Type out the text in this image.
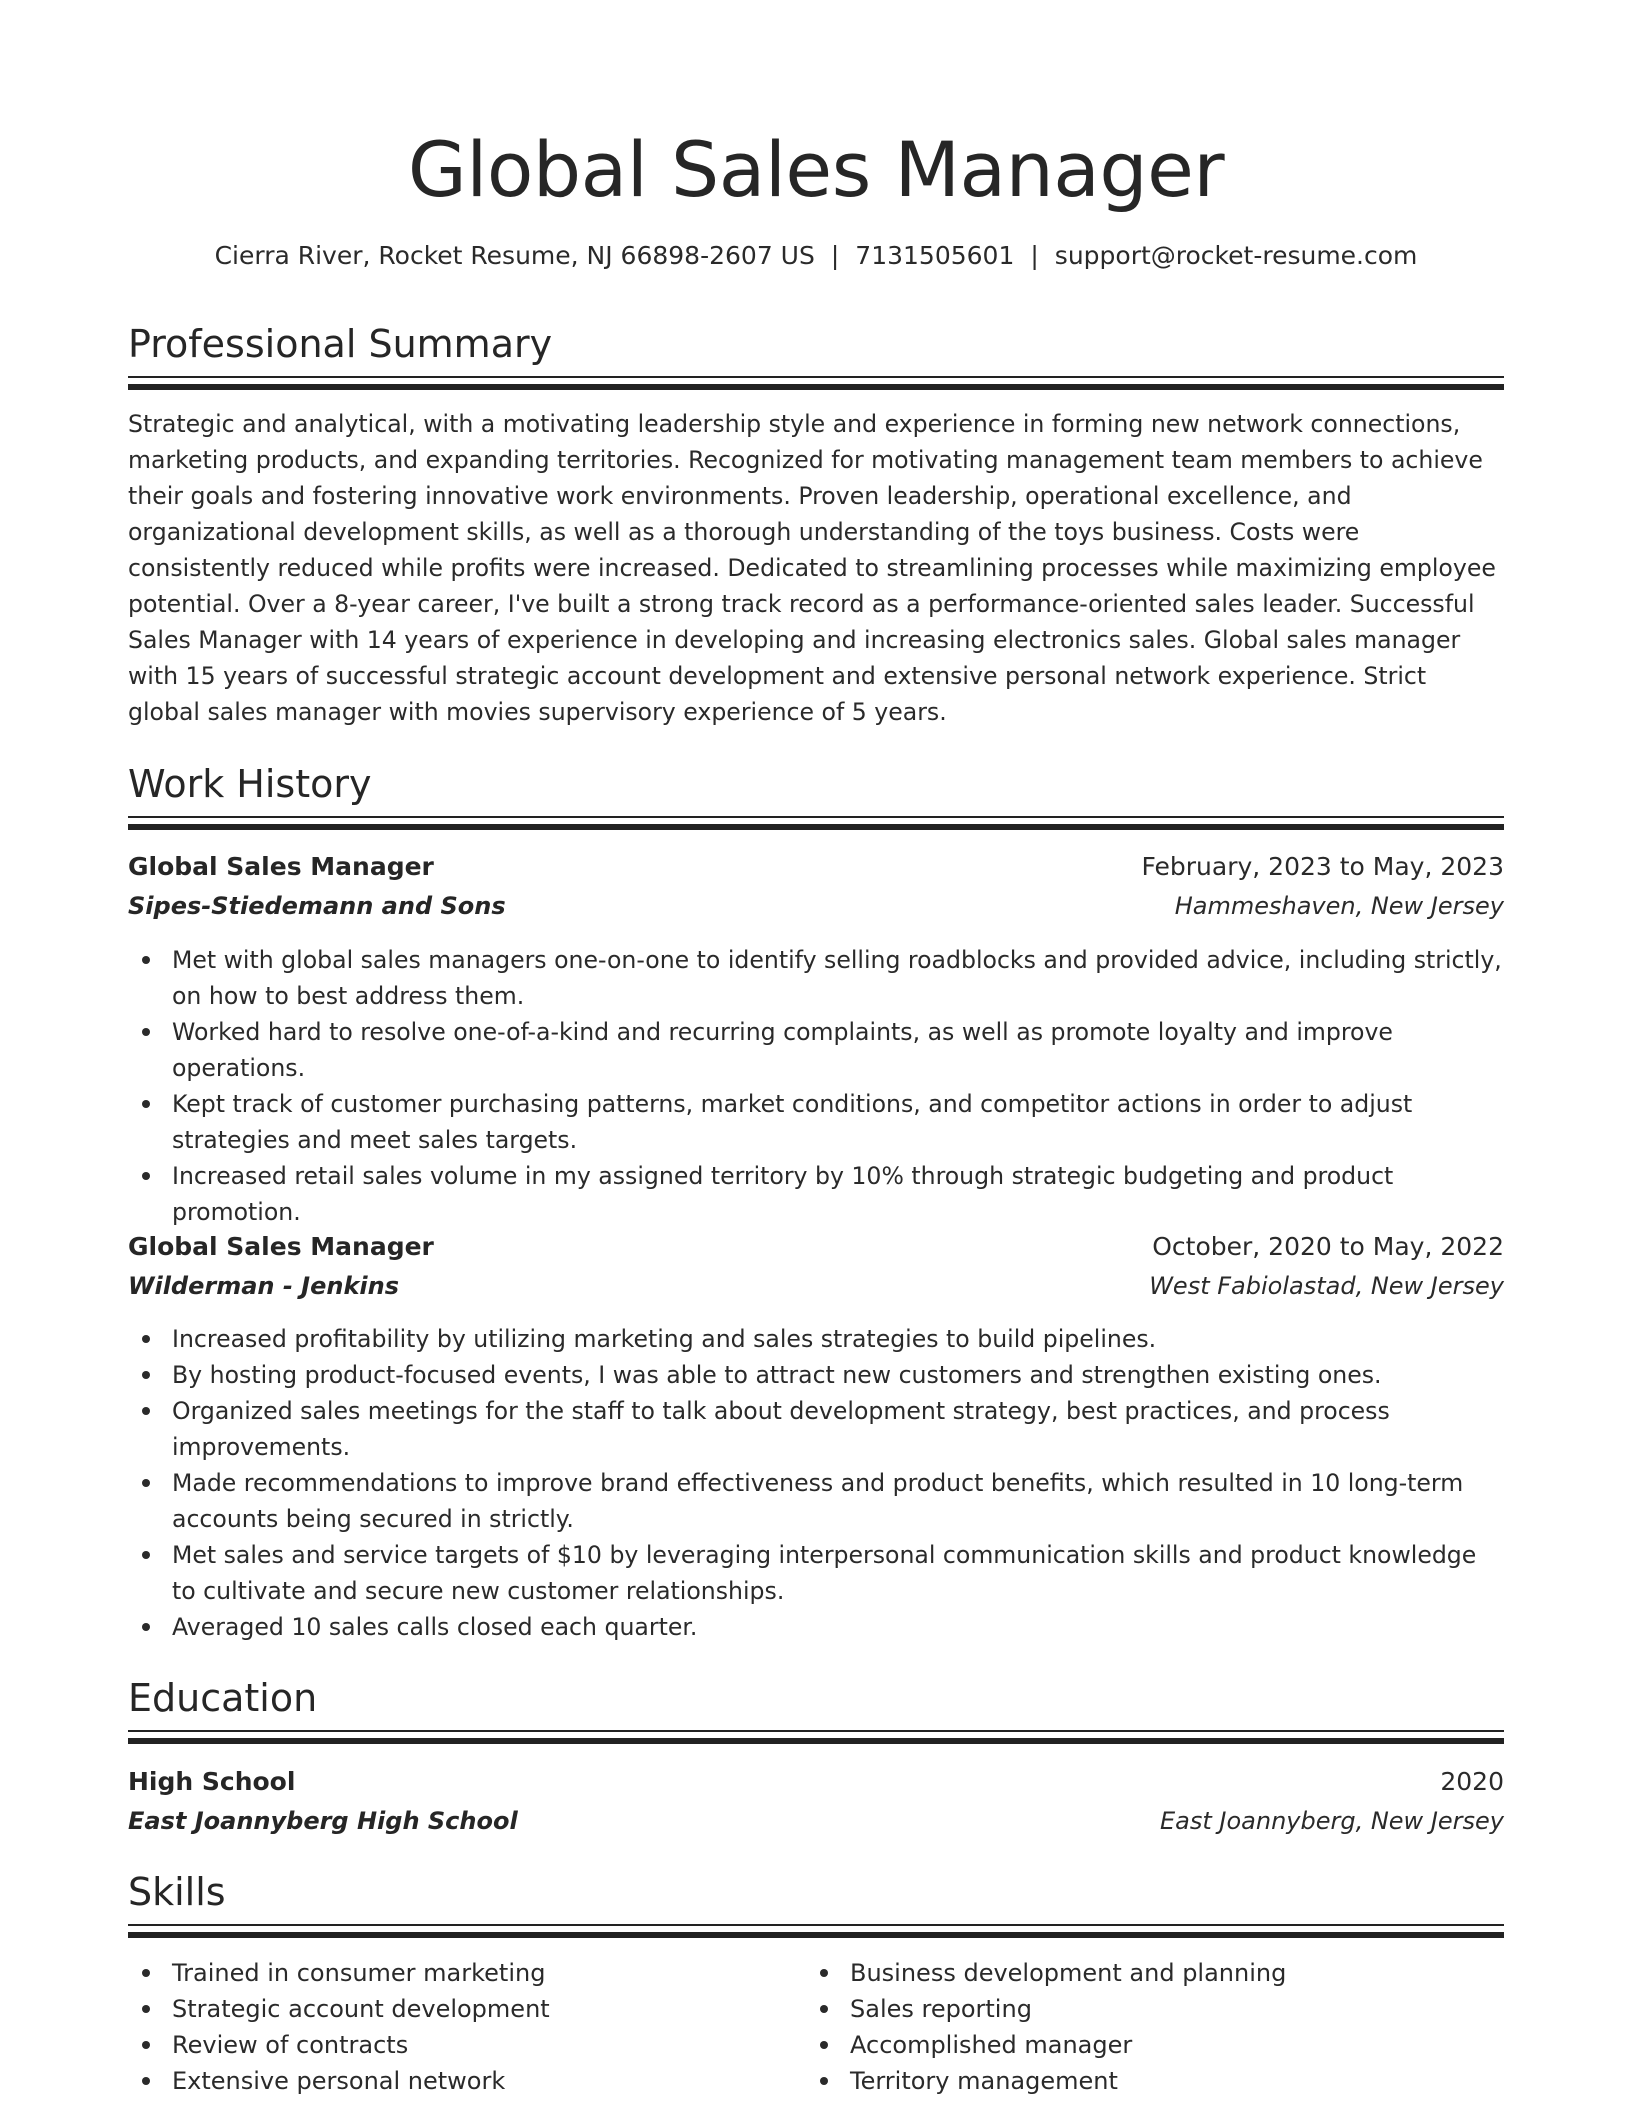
Global Sales Manager
Cierra River, Rocket Resume, NJ 66898-2607 US | 7131505601 | support@rocket-resume.com
Professional Summary
Strategic and analytical, with a motivating leadership style and experience in forming new network connections, marketing products, and expanding territories. Recognized for motivating management team members to achieve their goals and fostering innovative work environments. Proven leadership, operational excellence, and organizational development skills, as well as a thorough understanding of the toys business. Costs were consistently reduced while profits were increased. Dedicated to streamlining processes while maximizing employee potential. Over a 8-year career, I've built a strong track record as a performance-oriented sales leader. Successful Sales Manager with 14 years of experience in developing and increasing electronics sales. Global sales manager with 15 years of successful strategic account development and extensive personal network experience. Strict global sales manager with movies supervisory experience of 5 years.
Work History
Global Sales Manager	February, 2023 to May, 2023
Sipes-Stiedemann and Sons	Hammeshaven, New Jersey
Met with global sales managers one-on-one to identify selling roadblocks and provided advice, including strictly, on how to best address them.
Worked hard to resolve one-of-a-kind and recurring complaints, as well as promote loyalty and improve operations.
Kept track of customer purchasing patterns, market conditions, and competitor actions in order to adjust strategies and meet sales targets.
Increased retail sales volume in my assigned territory by 10% through strategic budgeting and product promotion.
Global Sales Manager	October, 2020 to May, 2022
Wilderman - Jenkins	West Fabiolastad, New Jersey
Increased profitability by utilizing marketing and sales strategies to build pipelines.
By hosting product-focused events, I was able to attract new customers and strengthen existing ones.
Organized sales meetings for the staff to talk about development strategy, best practices, and process improvements.
Made recommendations to improve brand effectiveness and product benefits, which resulted in 10 long-term accounts being secured in strictly.
Met sales and service targets of $10 by leveraging interpersonal communication skills and product knowledge to cultivate and secure new customer relationships.
Averaged 10 sales calls closed each quarter.
Education
High School	2020
East Joannyberg High School	East Joannyberg, New Jersey
Skills
Trained in consumer marketing
Strategic account development
Review of contracts
Extensive personal network
Business development and planning
Sales reporting
Accomplished manager
Territory management
